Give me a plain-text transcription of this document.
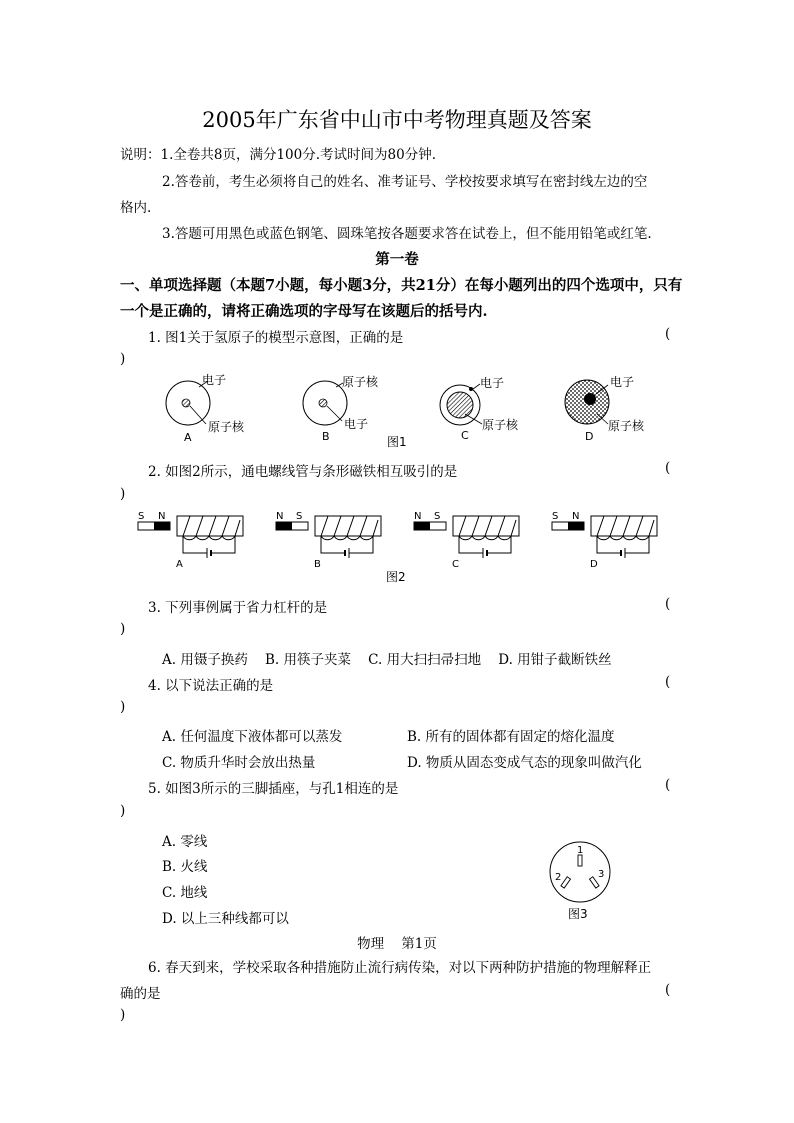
2005年广东省中山市中考物理真题及答案
说明：1.全卷共8页，满分100分.考试时间为80分钟.
2.答卷前，考生必须将自己的姓名、准考证号、学校按要求填写在密封线左边的空
格内.
3.答题可用黑色或蓝色钢笔、圆珠笔按各题要求答在试卷上，但不能用铅笔或红笔.
第一卷
一、单项选择题（本题7小题，每小题3分，共21分）在每小题列出的四个选项中，只有
一个是正确的，请将正确选项的字母写在该题后的括号内.
1. 图1关于氢原子的模型示意图，正确的是	(
)
电子
原子核
A
原子核
电子
B
电子
原子核
C
电子
原子核
D
图1
2. 如图2所示，通电螺线管与条形磁铁相互吸引的是	(
)
S N
A
N S
B
N S
C
S N
D
图2
3. 下列事例属于省力杠杆的是	(
)
A. 用镊子换药    B. 用筷子夹菜    C. 用大扫扫帚扫地    D. 用钳子截断铁丝
4. 以下说法正确的是	(
)
A. 任何温度下液体都可以蒸发	B. 所有的固体都有固定的熔化温度
C. 物质升华时会放出热量	D. 物质从固态变成气态的现象叫做汽化
5. 如图3所示的三脚插座，与孔1相连的是	(
)
A. 零线
B. 火线
C. 地线
D. 以上三种线都可以
1
2	3
图3
物理    第1页
6. 春天到来，学校采取各种措施防止流行病传染，对以下两种防护措施的物理解释正
确的是	(
)
